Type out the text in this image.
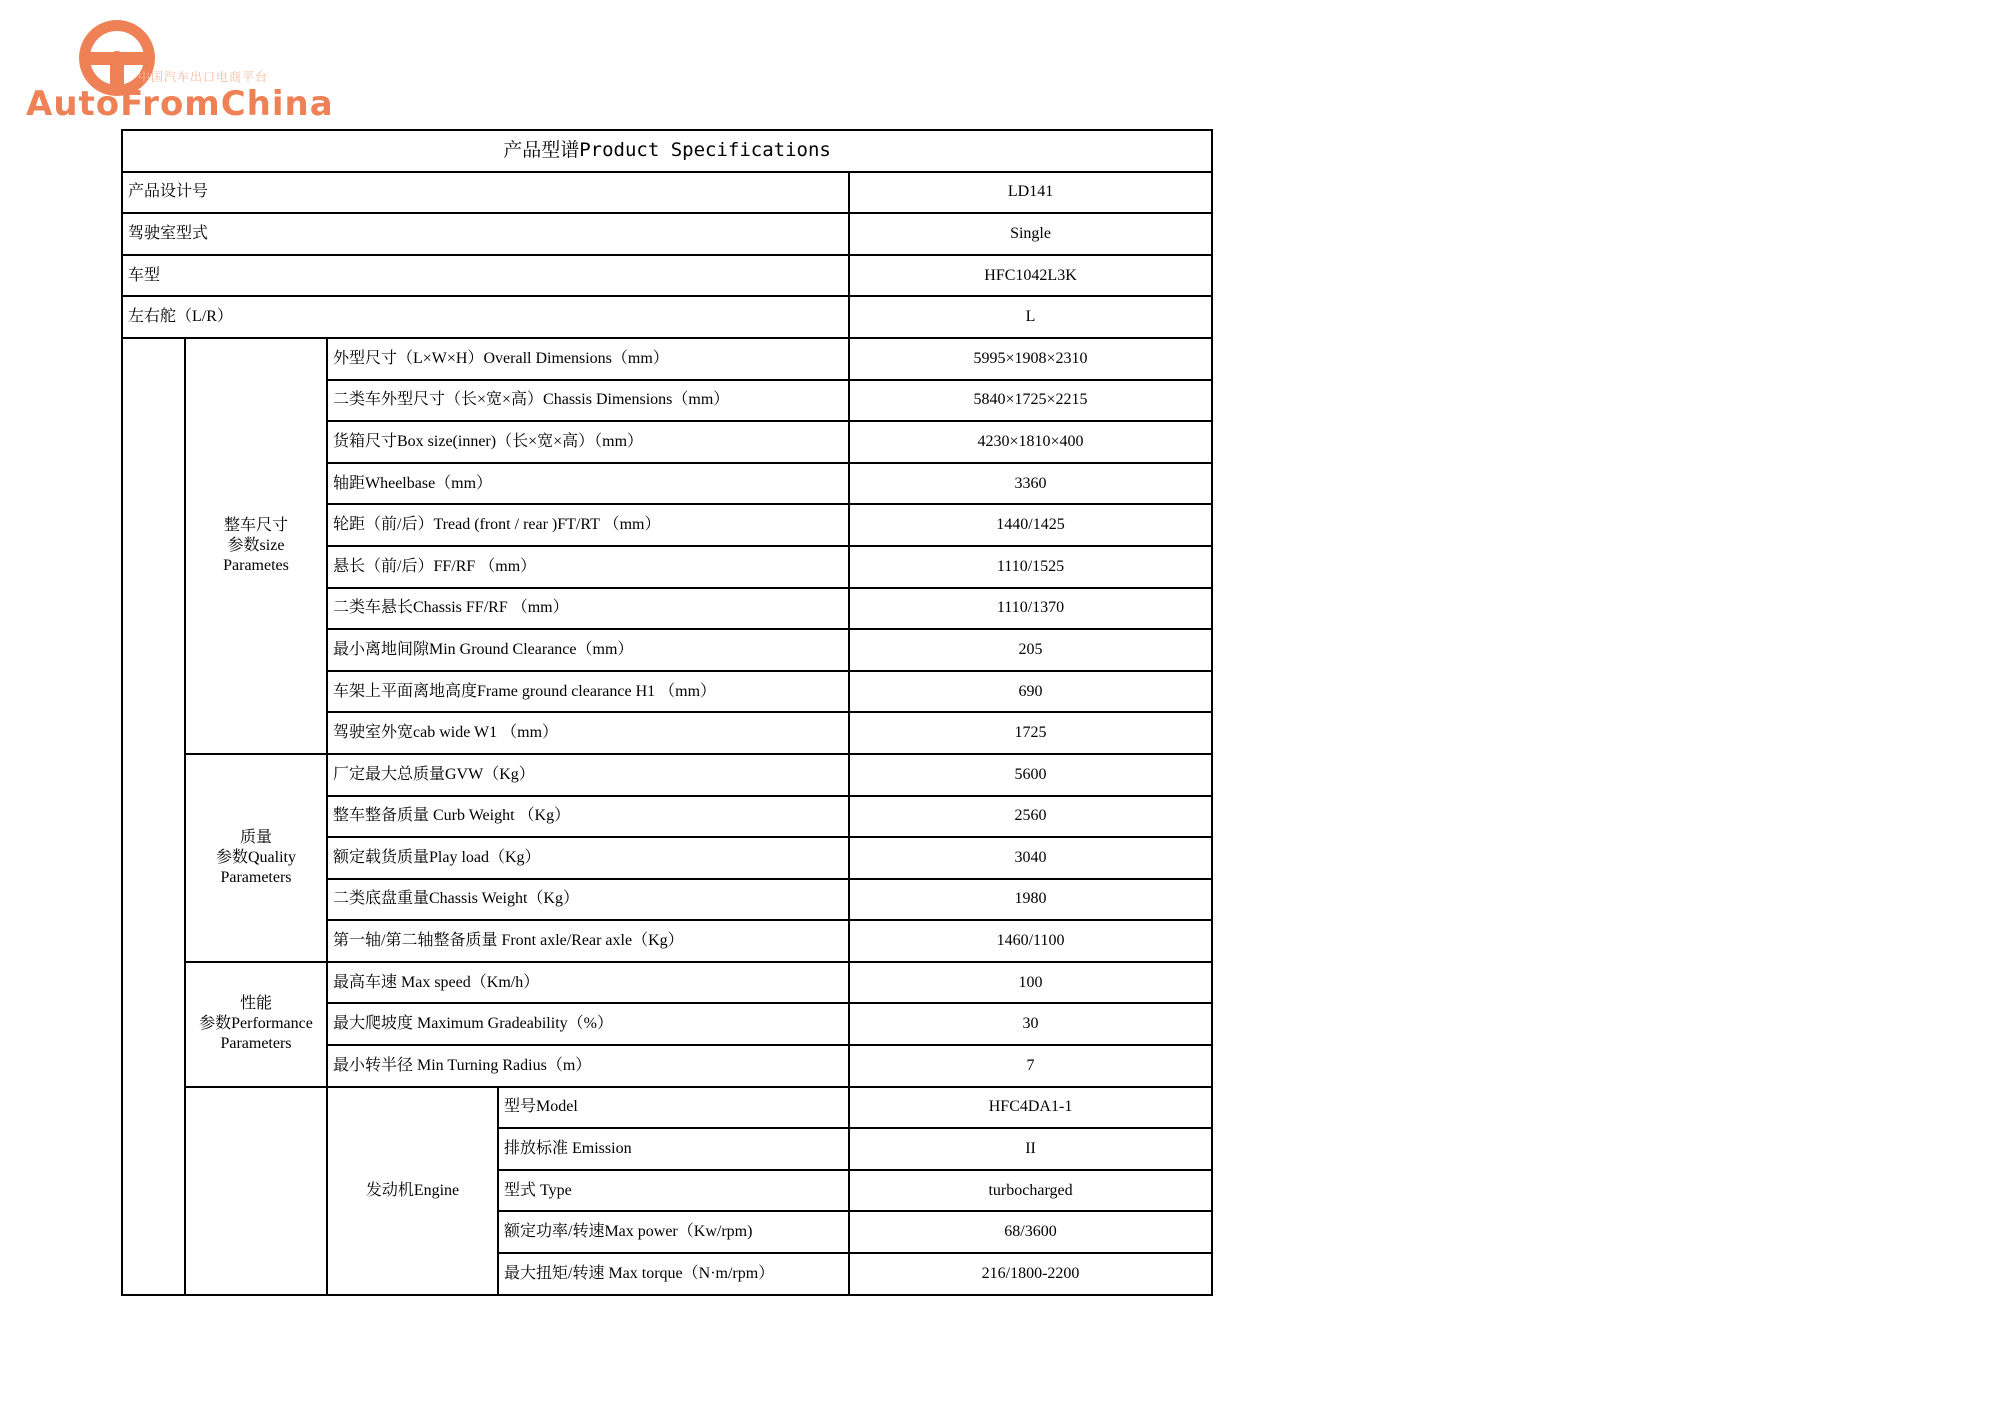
中国汽车出口电商平台
AutoFromChina
产品型谱Product Specifications				
产品设计号				LD141
驾驶室型式				Single
车型				HFC1042L3K
左右舵（L/R）				L
	整车尺寸
参数size
Parametes	外型尺寸（L×W×H）Overall Dimensions（mm）		5995×1908×2310
		二类车外型尺寸（长×宽×高）Chassis Dimensions（mm）		5840×1725×2215
		货箱尺寸Box size(inner)（长×宽×高）（mm）		4230×1810×400
		轴距Wheelbase（mm）		3360
		轮距（前/后）Tread (front / rear )FT/RT （mm）		1440/1425
		悬长（前/后）FF/RF （mm）		1110/1525
		二类车悬长Chassis FF/RF （mm）		1110/1370
		最小离地间隙Min Ground Clearance（mm）		205
		车架上平面离地高度Frame ground clearance H1 （mm）		690
		驾驶室外宽cab wide W1 （mm）		1725
	质量
参数Quality
Parameters	厂定最大总质量GVW（Kg）		5600
		整车整备质量 Curb Weight （Kg）		2560
		额定载货质量Play load（Kg）		3040
		二类底盘重量Chassis Weight（Kg）		1980
		第一轴/第二轴整备质量 Front axle/Rear axle（Kg）		1460/1100
	性能
参数Performance
Parameters	最高车速 Max speed（Km/h）		100
		最大爬坡度 Maximum Gradeability（%）		30
		最小转半径 Min Turning Radius（m）		7
		发动机Engine	型号Model	HFC4DA1-1
			排放标准 Emission	II
			型式 Type	turbocharged
			额定功率/转速Max power（Kw/rpm)	68/3600
			最大扭矩/转速 Max torque（N·m/rpm）	216/1800-2200
